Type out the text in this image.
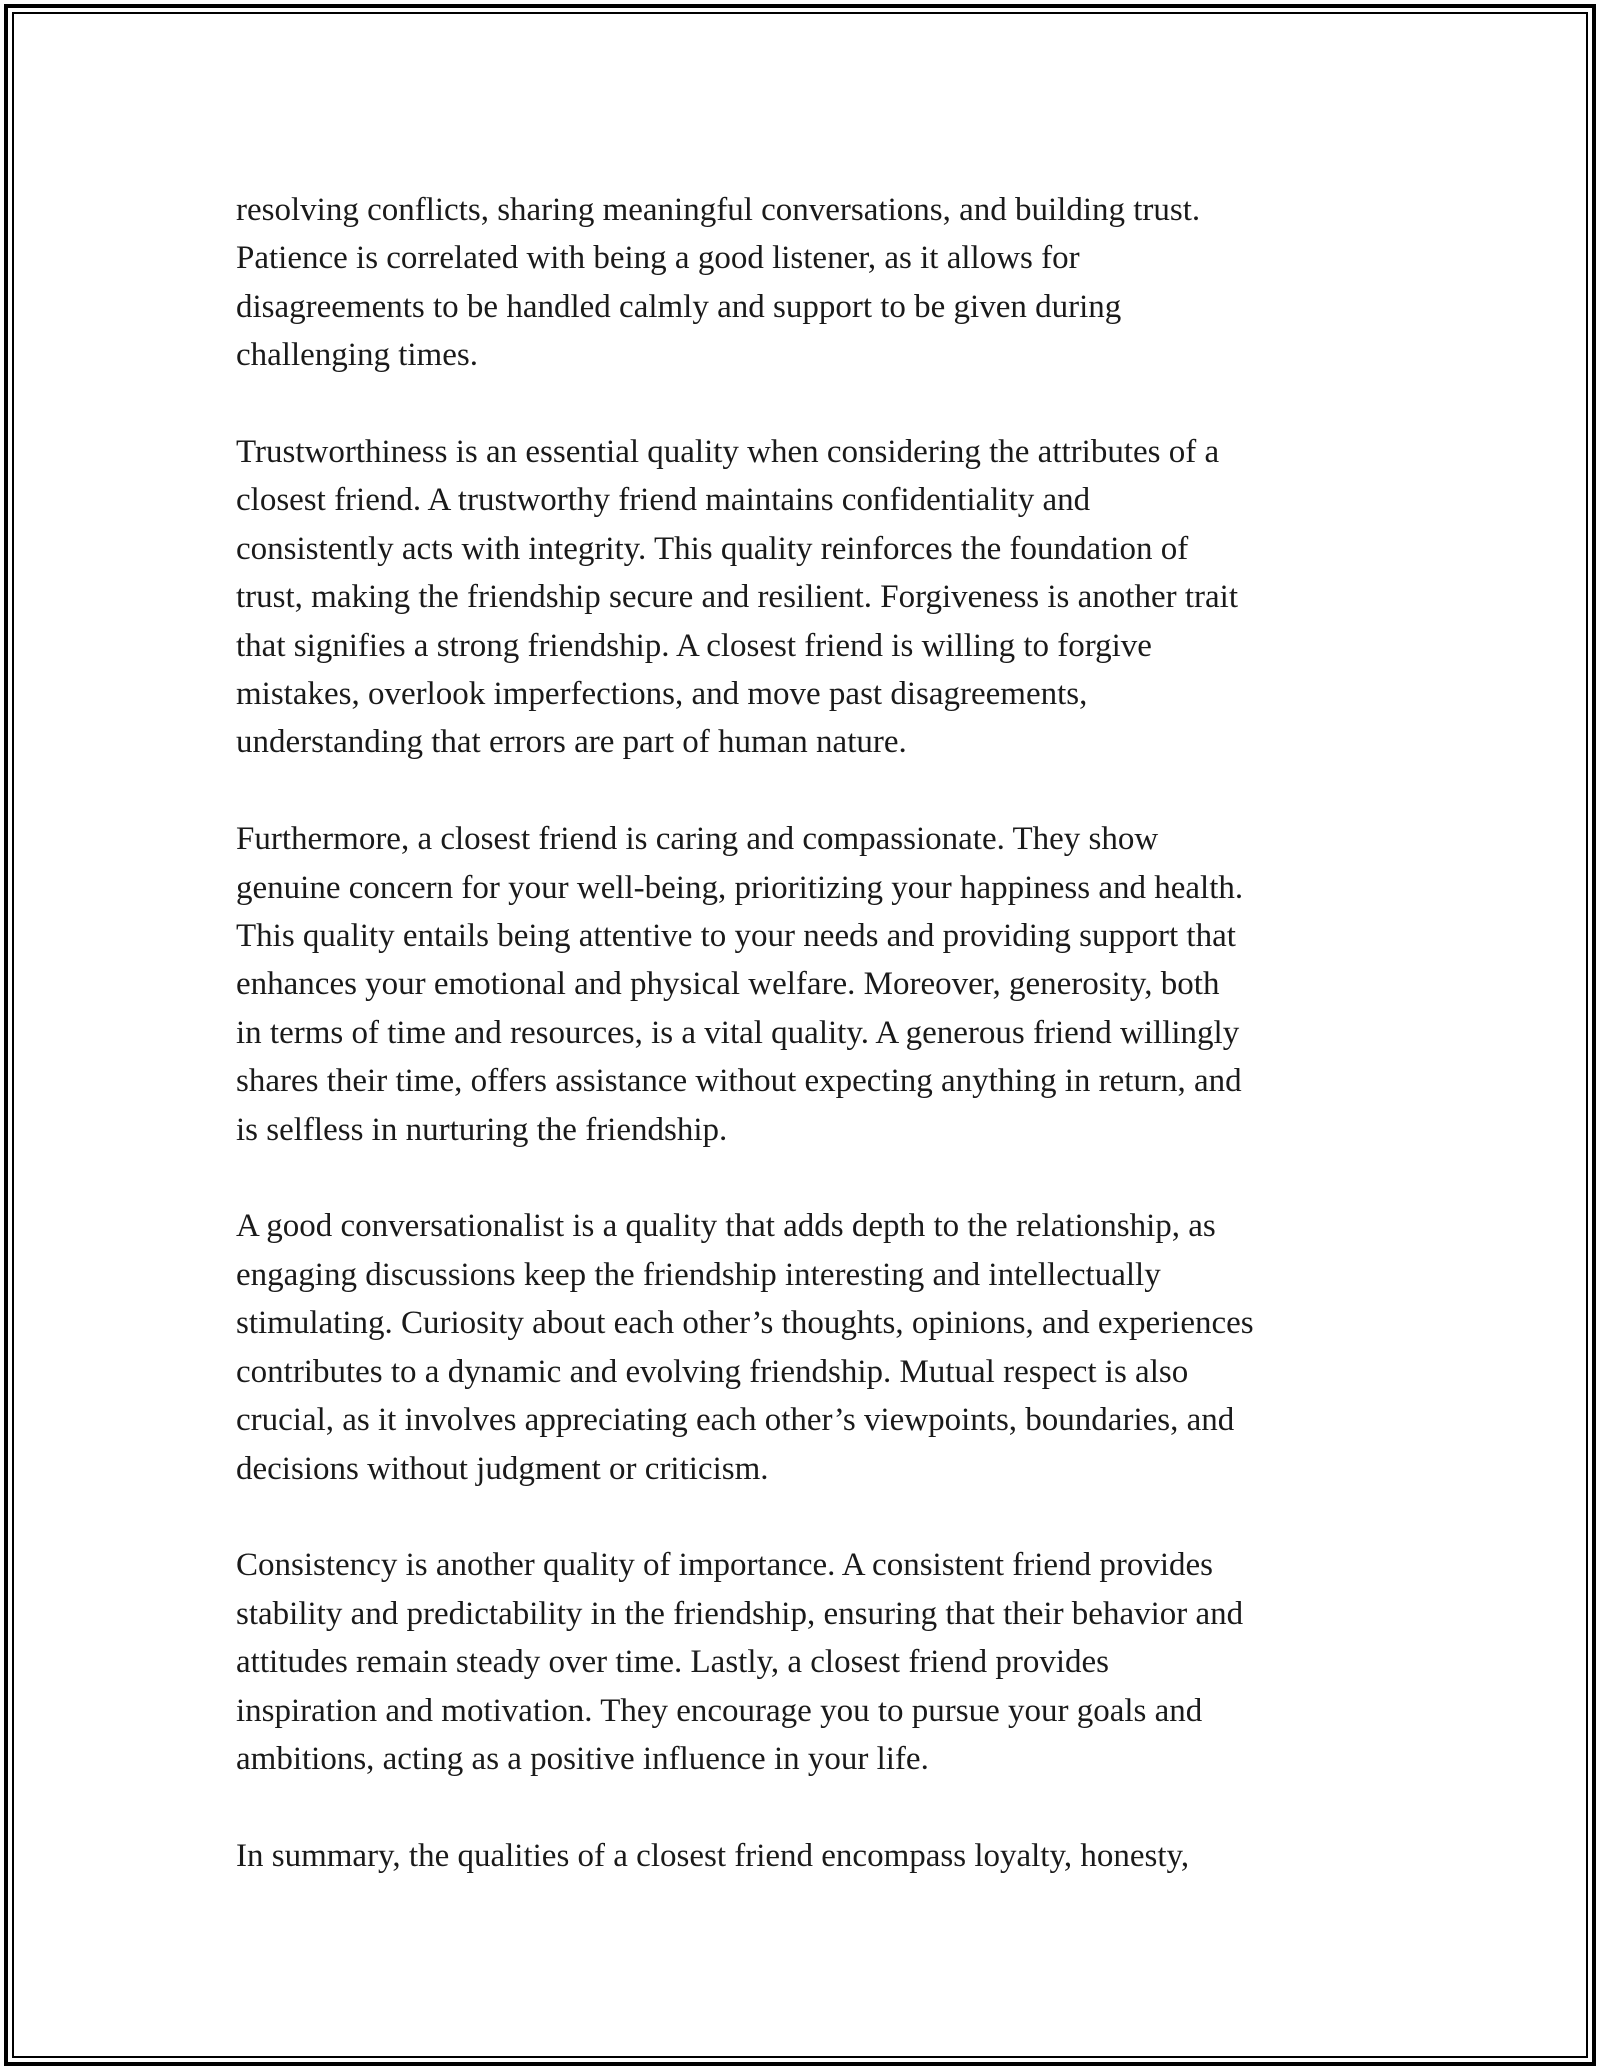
resolving conflicts, sharing meaningful conversations, and building trust.
Patience is correlated with being a good listener, as it allows for
disagreements to be handled calmly and support to be given during
challenging times.

Trustworthiness is an essential quality when considering the attributes of a
closest friend. A trustworthy friend maintains confidentiality and
consistently acts with integrity. This quality reinforces the foundation of
trust, making the friendship secure and resilient. Forgiveness is another trait
that signifies a strong friendship. A closest friend is willing to forgive
mistakes, overlook imperfections, and move past disagreements,
understanding that errors are part of human nature.

Furthermore, a closest friend is caring and compassionate. They show
genuine concern for your well-being, prioritizing your happiness and health.
This quality entails being attentive to your needs and providing support that
enhances your emotional and physical welfare. Moreover, generosity, both
in terms of time and resources, is a vital quality. A generous friend willingly
shares their time, offers assistance without expecting anything in return, and
is selfless in nurturing the friendship.

A good conversationalist is a quality that adds depth to the relationship, as
engaging discussions keep the friendship interesting and intellectually
stimulating. Curiosity about each other’s thoughts, opinions, and experiences
contributes to a dynamic and evolving friendship. Mutual respect is also
crucial, as it involves appreciating each other’s viewpoints, boundaries, and
decisions without judgment or criticism.

Consistency is another quality of importance. A consistent friend provides
stability and predictability in the friendship, ensuring that their behavior and
attitudes remain steady over time. Lastly, a closest friend provides
inspiration and motivation. They encourage you to pursue your goals and
ambitions, acting as a positive influence in your life.

In summary, the qualities of a closest friend encompass loyalty, honesty,
